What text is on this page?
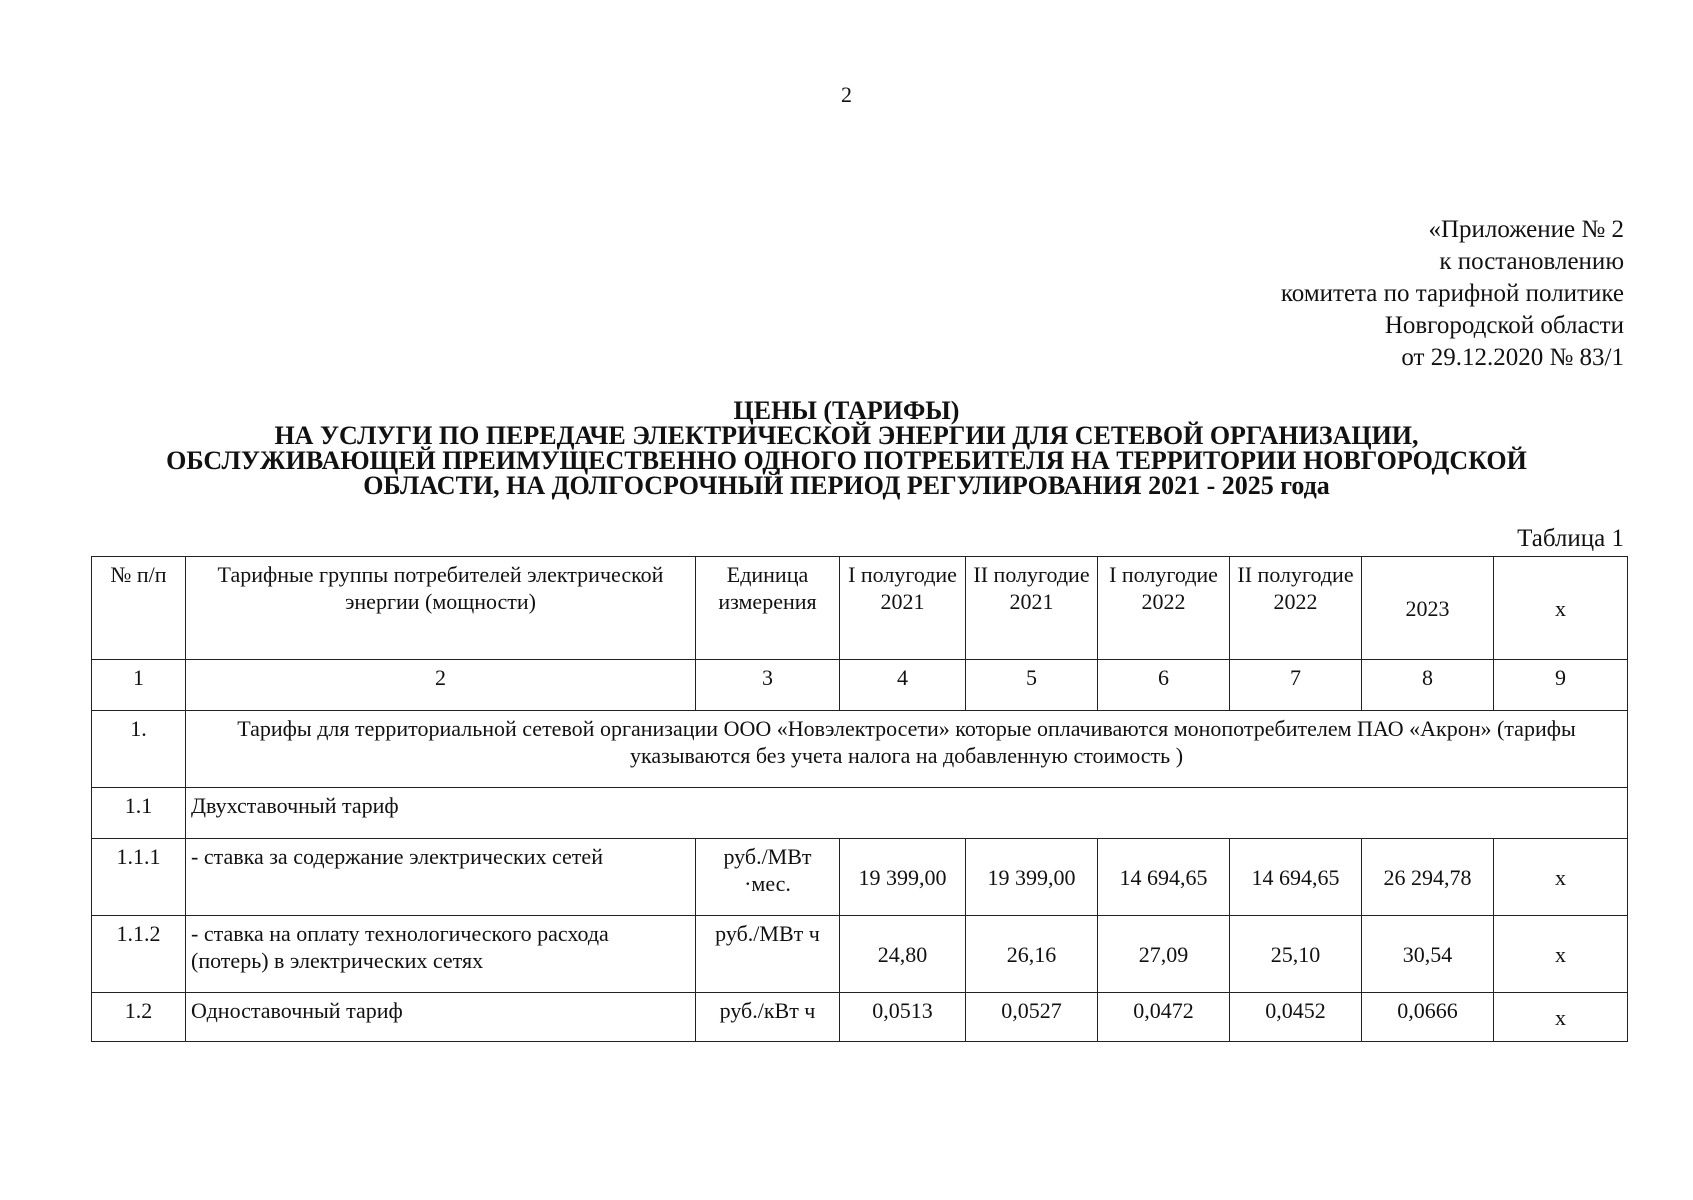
2
«Приложение № 2
к постановлению
комитета по тарифной политике
Новгородской области
от 29.12.2020 № 83/1
ЦЕНЫ (ТАРИФЫ)
НА УСЛУГИ ПО ПЕРЕДАЧЕ ЭЛЕКТРИЧЕСКОЙ ЭНЕРГИИ ДЛЯ СЕТЕВОЙ ОРГАНИЗАЦИИ,
ОБСЛУЖИВАЮЩЕЙ ПРЕИМУЩЕСТВЕННО ОДНОГО ПОТРЕБИТЕЛЯ НА ТЕРРИТОРИИ НОВГОРОДСКОЙ
ОБЛАСТИ, НА ДОЛГОСРОЧНЫЙ ПЕРИОД РЕГУЛИРОВАНИЯ 2021 - 2025 года
Таблица 1
№ п/п	Тарифные группы потребителей электрической энергии (мощности)	Единица измерения	I полугодие 2021	II полугодие 2021	I полугодие 2022	II полугодие 2022	2023	х
1	2	3	4	5	6	7	8	9
1.	Тарифы для территориальной сетевой организации ООО «Новэлектросети» которые оплачиваются монопотребителем ПАО «Акрон» (тарифы указываются без учета налога на добавленную стоимость )							
1.1	Двухставочный тариф							
1.1.1	- ставка за содержание электрических сетей	руб./МВт ·мес.	19 399,00	19 399,00	14 694,65	14 694,65	26 294,78	х
1.1.2	- ставка на оплату технологического расхода (потерь) в электрических сетях	руб./МВт ч	24,80	26,16	27,09	25,10	30,54	х
1.2	Одноставочный тариф	руб./кВт ч	0,0513	0,0527	0,0472	0,0452	0,0666	х
